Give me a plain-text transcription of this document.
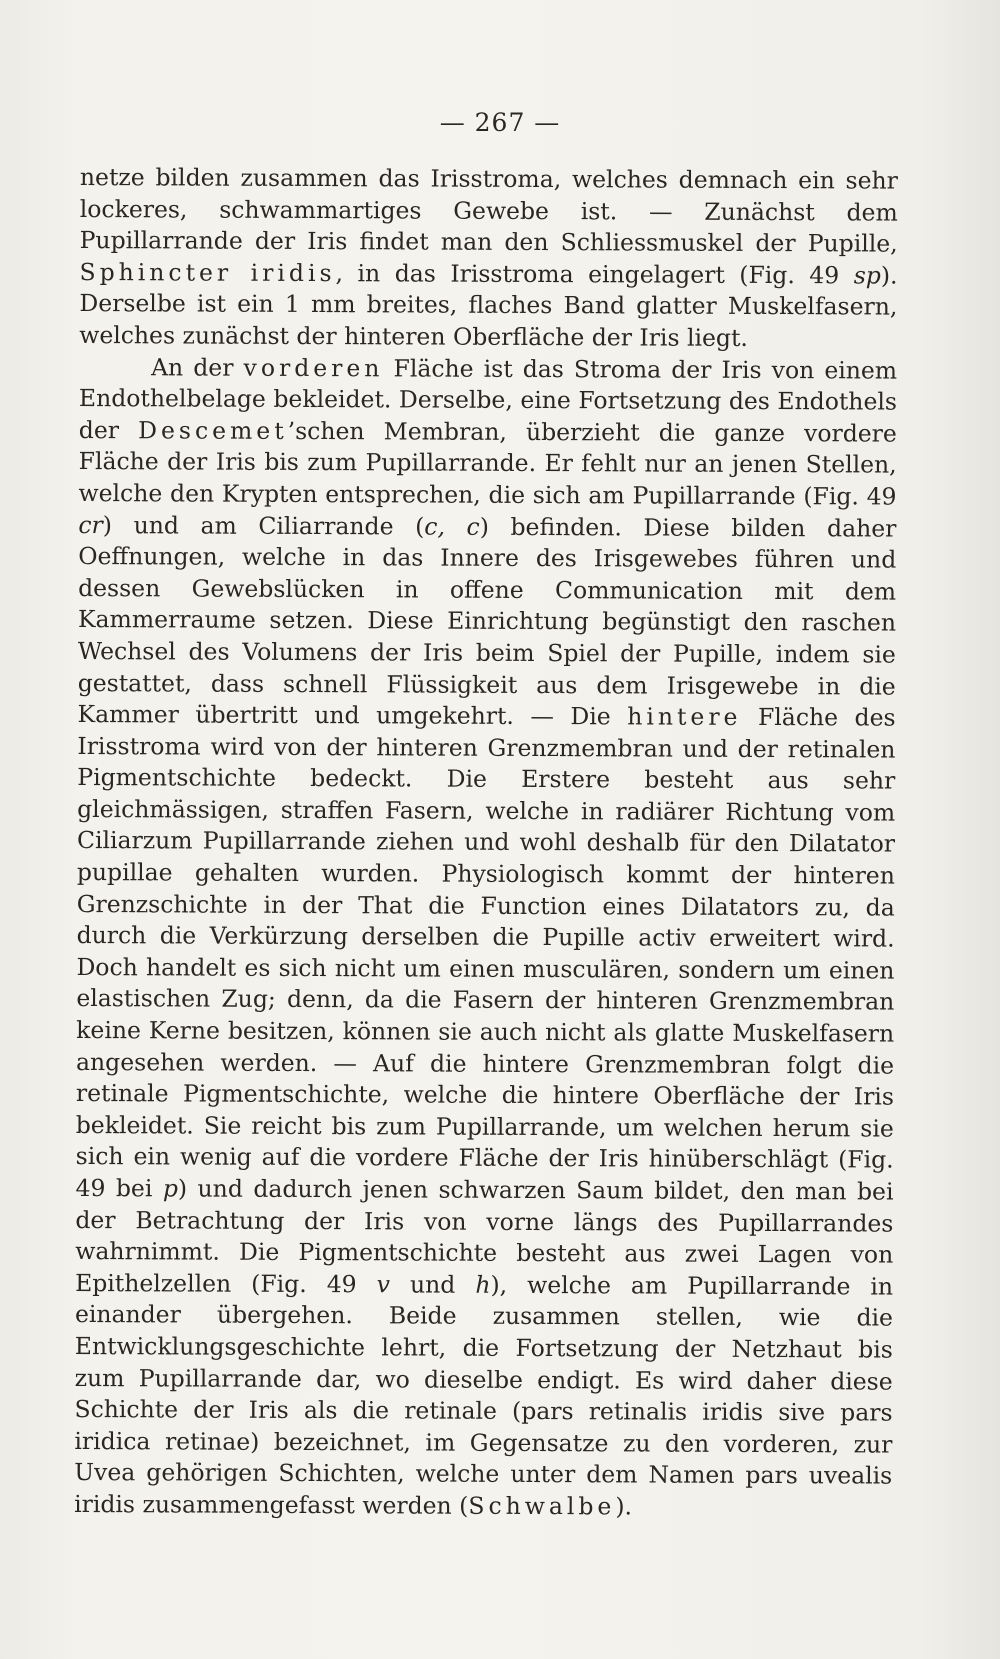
— 267 —

netze bilden zusammen das Irisstroma, welches demnach ein sehr lockeres, schwammartiges Gewebe ist. — Zunächst dem Pupillarrande der Iris findet man den Schliessmuskel der Pupille, Sphincter iridis, in das Irisstroma eingelagert (Fig. 49 sp). Derselbe ist ein 1 mm breites, flaches Band glatter Muskelfasern, welches zunächst der hinteren Oberfläche der Iris liegt.

An der vorderen Fläche ist das Stroma der Iris von einem Endothelbelage bekleidet. Derselbe, eine Fortsetzung des Endothels der Descemet’schen Membran, überzieht die ganze vordere Fläche der Iris bis zum Pupillarrande. Er fehlt nur an jenen Stellen, welche den Krypten entsprechen, die sich am Pupillarrande (Fig. 49 cr) und am Ciliarrande (c, c) befinden. Diese bilden daher Oeffnungen, welche in das Innere des Irisgewebes führen und dessen Gewebslücken in offene Communication mit dem Kammerraume setzen. Diese Einrichtung begünstigt den raschen Wechsel des Volumens der Iris beim Spiel der Pupille, indem sie gestattet, dass schnell Flüssigkeit aus dem Irisgewebe in die Kammer übertritt und umgekehrt. — Die hintere Fläche des Irisstroma wird von der hinteren Grenzmembran und der retinalen Pigmentschichte bedeckt. Die Erstere besteht aus sehr gleichmässigen, straffen Fasern, welche in radiärer Richtung vom Ciliarzum Pupillarrande ziehen und wohl deshalb für den Dilatator pupillae gehalten wurden. Physiologisch kommt der hinteren Grenzschichte in der That die Function eines Dilatators zu, da durch die Verkürzung derselben die Pupille activ erweitert wird. Doch handelt es sich nicht um einen musculären, sondern um einen elastischen Zug; denn, da die Fasern der hinteren Grenzmembran keine Kerne besitzen, können sie auch nicht als glatte Muskelfasern angesehen werden. — Auf die hintere Grenzmembran folgt die retinale Pigmentschichte, welche die hintere Oberfläche der Iris bekleidet. Sie reicht bis zum Pupillarrande, um welchen herum sie sich ein wenig auf die vordere Fläche der Iris hinüberschlägt (Fig. 49 bei p) und dadurch jenen schwarzen Saum bildet, den man bei der Betrachtung der Iris von vorne längs des Pupillarrandes wahrnimmt. Die Pigmentschichte besteht aus zwei Lagen von Epithelzellen (Fig. 49 v und h), welche am Pupillarrande in einander übergehen. Beide zusammen stellen, wie die Entwicklungsgeschichte lehrt, die Fortsetzung der Netzhaut bis zum Pupillarrande dar, wo dieselbe endigt. Es wird daher diese Schichte der Iris als die retinale (pars retinalis iridis sive pars iridica retinae) bezeichnet, im Gegensatze zu den vorderen, zur Uvea gehörigen Schichten, welche unter dem Namen pars uvealis iridis zusammengefasst werden (Schwalbe).
